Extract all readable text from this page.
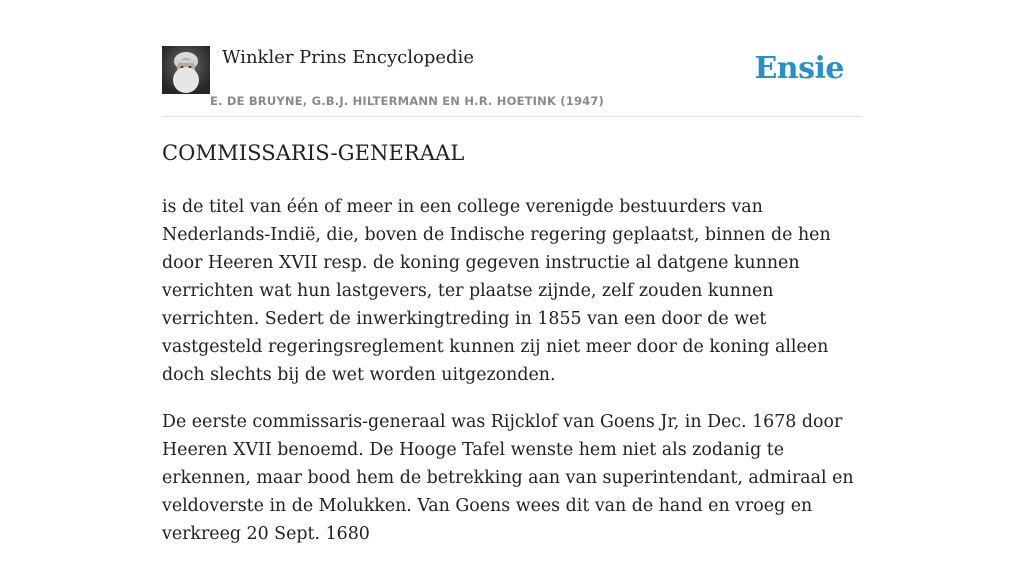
Winkler Prins Encyclopedie
E. DE BRUYNE, G.B.J. HILTERMANN EN H.R. HOETINK (1947)
Ensie
COMMISSARIS-GENERAAL

is de titel van één of meer in een college verenigde bestuurders van Nederlands-Indië, die, boven de Indische regering geplaatst, binnen de hen door Heeren XVII resp. de koning gegeven instructie al datgene kunnen verrichten wat hun lastgevers, ter plaatse zijnde, zelf zouden kunnen verrichten. Sedert de inwerkingtreding in 1855 van een door de wet vastgesteld regeringsreglement kunnen zij niet meer door de koning alleen doch slechts bij de wet worden uitgezonden.

De eerste commissaris-generaal was Rijcklof van Goens Jr, in Dec. 1678 door Heeren XVII benoemd. De Hooge Tafel wenste hem niet als zodanig te erkennen, maar bood hem de betrekking aan van superintendant, admiraal en veldoverste in de Molukken. Van Goens wees dit van de hand en vroeg en verkreeg 20 Sept. 1680
